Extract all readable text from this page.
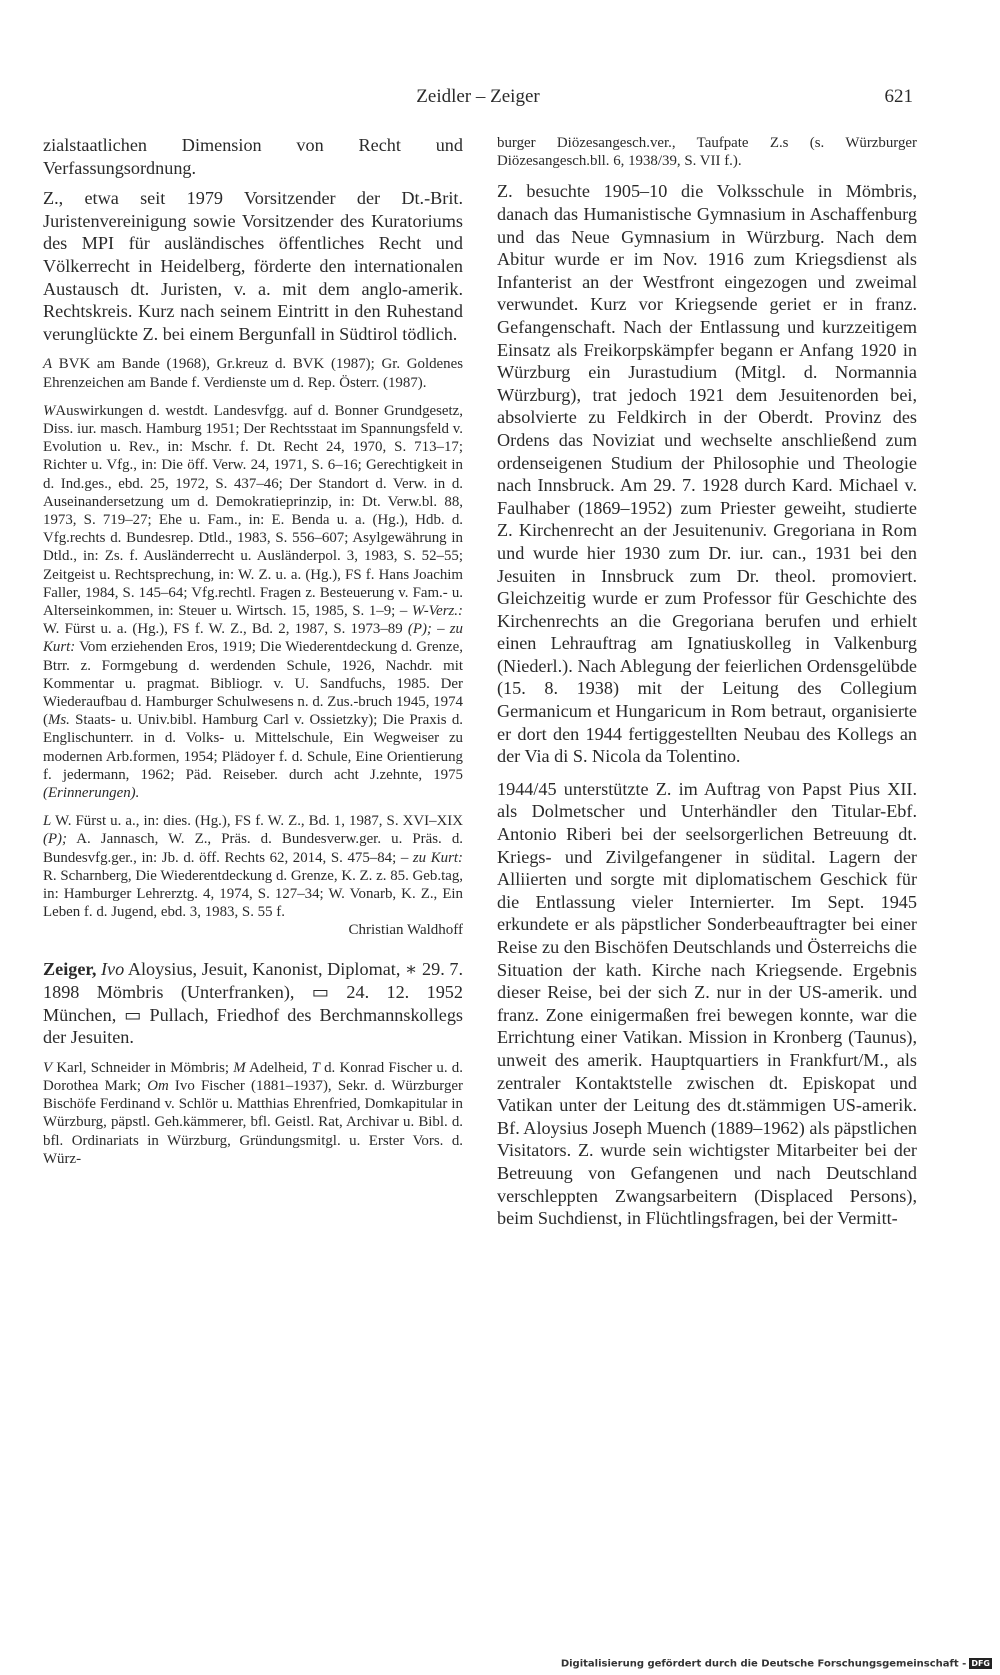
Zeidler – Zeiger	621

zialstaatlichen Dimension von Recht und Verfassungsordnung.

Z., etwa seit 1979 Vorsitzender der Dt.-Brit. Juristenvereinigung sowie Vorsitzender des Kuratoriums des MPI für ausländisches öffentliches Recht und Völkerrecht in Heidelberg, förderte den internationalen Austausch dt. Juristen, v. a. mit dem anglo-amerik. Rechtskreis. Kurz nach seinem Eintritt in den Ruhestand verunglückte Z. bei einem Bergunfall in Südtirol tödlich.

A BVK am Bande (1968), Gr.kreuz d. BVK (1987); Gr. Goldenes Ehrenzeichen am Bande f. Verdienste um d. Rep. Österr. (1987).

WAuswirkungen d. westdt. Landesvfgg. auf d. Bonner Grundgesetz, Diss. iur. masch. Hamburg 1951; Der Rechtsstaat im Spannungsfeld v. Evolution u. Rev., in: Mschr. f. Dt. Recht 24, 1970, S. 713–17; Richter u. Vfg., in: Die öff. Verw. 24, 1971, S. 6–16; Gerechtigkeit in d. Ind.ges., ebd. 25, 1972, S. 437–46; Der Standort d. Verw. in d. Auseinandersetzung um d. Demokratieprinzip, in: Dt. Verw.bl. 88, 1973, S. 719–27; Ehe u. Fam., in: E. Benda u. a. (Hg.), Hdb. d. Vfg.rechts d. Bundesrep. Dtld., 1983, S. 556–607; Asylgewährung in Dtld., in: Zs. f. Ausländerrecht u. Ausländerpol. 3, 1983, S. 52–55; Zeitgeist u. Rechtsprechung, in: W. Z. u. a. (Hg.), FS f. Hans Joachim Faller, 1984, S. 145–64; Vfg.rechtl. Fragen z. Besteuerung v. Fam.- u. Alterseinkommen, in: Steuer u. Wirtsch. 15, 1985, S. 1–9; – W-Verz.: W. Fürst u. a. (Hg.), FS f. W. Z., Bd. 2, 1987, S. 1973–89 (P); – zu Kurt: Vom erziehenden Eros, 1919; Die Wiederentdeckung d. Grenze, Btrr. z. Formgebung d. werdenden Schule, 1926, Nachdr. mit Kommentar u. pragmat. Bibliogr. v. U. Sandfuchs, 1985. Der Wiederaufbau d. Hamburger Schulwesens n. d. Zus.-bruch 1945, 1974 (Ms. Staats- u. Univ.bibl. Hamburg Carl v. Ossietzky); Die Praxis d. Englischunterr. in d. Volks- u. Mittelschule, Ein Wegweiser zu modernen Arb.formen, 1954; Plädoyer f. d. Schule, Eine Orientierung f. jedermann, 1962; Päd. Reiseber. durch acht J.zehnte, 1975 (Erinnerungen).

L W. Fürst u. a., in: dies. (Hg.), FS f. W. Z., Bd. 1, 1987, S. XVI–XIX (P); A. Jannasch, W. Z., Präs. d. Bundesverw.ger. u. Präs. d. Bundesvfg.ger., in: Jb. d. öff. Rechts 62, 2014, S. 475–84; – zu Kurt: R. Scharnberg, Die Wiederentdeckung d. Grenze, K. Z. z. 85. Geb.tag, in: Hamburger Lehrerztg. 4, 1974, S. 127–34; W. Vonarb, K. Z., Ein Leben f. d. Jugend, ebd. 3, 1983, S. 55 f.

Christian Waldhoff

Zeiger, Ivo Aloysius, Jesuit, Kanonist, Diplomat, ∗ 29. 7. 1898 Mömbris (Unterfranken), ▭ 24. 12. 1952 München, ▭ Pullach, Friedhof des Berchmannskollegs der Jesuiten.

V Karl, Schneider in Mömbris; M Adelheid, T d. Konrad Fischer u. d. Dorothea Mark; Om Ivo Fischer (1881–1937), Sekr. d. Würzburger Bischöfe Ferdinand v. Schlör u. Matthias Ehrenfried, Domkapitular in Würzburg, päpstl. Geh.kämmerer, bfl. Geistl. Rat, Archivar u. Bibl. d. bfl. Ordinariats in Würzburg, Gründungsmitgl. u. Erster Vors. d. Würz-

burger Diözesangesch.ver., Taufpate Z.s (s. Würzburger Diözesangesch.bll. 6, 1938/39, S. VII f.).

Z. besuchte 1905–10 die Volksschule in Mömbris, danach das Humanistische Gymnasium in Aschaffenburg und das Neue Gymnasium in Würzburg. Nach dem Abitur wurde er im Nov. 1916 zum Kriegsdienst als Infanterist an der Westfront eingezogen und zweimal verwundet. Kurz vor Kriegsende geriet er in franz. Gefangenschaft. Nach der Entlassung und kurzzeitigem Einsatz als Freikorpskämpfer begann er Anfang 1920 in Würzburg ein Jurastudium (Mitgl. d. Normannia Würzburg), trat jedoch 1921 dem Jesuitenorden bei, absolvierte zu Feldkirch in der Oberdt. Provinz des Ordens das Noviziat und wechselte anschließend zum ordenseigenen Studium der Philosophie und Theologie nach Innsbruck. Am 29. 7. 1928 durch Kard. Michael v. Faulhaber (1869–1952) zum Priester geweiht, studierte Z. Kirchenrecht an der Jesuitenuniv. Gregoriana in Rom und wurde hier 1930 zum Dr. iur. can., 1931 bei den Jesuiten in Innsbruck zum Dr. theol. promoviert. Gleichzeitig wurde er zum Professor für Geschichte des Kirchenrechts an die Gregoriana berufen und erhielt einen Lehrauftrag am Ignatiuskolleg in Valkenburg (Niederl.). Nach Ablegung der feierlichen Ordensgelübde (15. 8. 1938) mit der Leitung des Collegium Germanicum et Hungaricum in Rom betraut, organisierte er dort den 1944 fertiggestellten Neubau des Kollegs an der Via di S. Nicola da Tolentino.

1944/45 unterstützte Z. im Auftrag von Papst Pius XII. als Dolmetscher und Unterhändler den Titular-Ebf. Antonio Riberi bei der seelsorgerlichen Betreuung dt. Kriegs- und Zivilgefangener in südital. Lagern der Alliierten und sorgte mit diplomatischem Geschick für die Entlassung vieler Internierter. Im Sept. 1945 erkundete er als päpstlicher Sonderbeauftragter bei einer Reise zu den Bischöfen Deutschlands und Österreichs die Situation der kath. Kirche nach Kriegsende. Ergebnis dieser Reise, bei der sich Z. nur in der US-amerik. und franz. Zone einigermaßen frei bewegen konnte, war die Errichtung einer Vatikan. Mission in Kronberg (Taunus), unweit des amerik. Hauptquartiers in Frankfurt/M., als zentraler Kontaktstelle zwischen dt. Episkopat und Vatikan unter der Leitung des dt.stämmigen US-amerik. Bf. Aloysius Joseph Muench (1889–1962) als päpstlichen Visitators. Z. wurde sein wichtigster Mitarbeiter bei der Betreuung von Gefangenen und nach Deutschland verschleppten Zwangsarbeitern (Displaced Persons), beim Suchdienst, in Flüchtlingsfragen, bei der Vermitt-

Digitalisierung gefördert durch die Deutsche Forschungsgemeinschaft - DFG
